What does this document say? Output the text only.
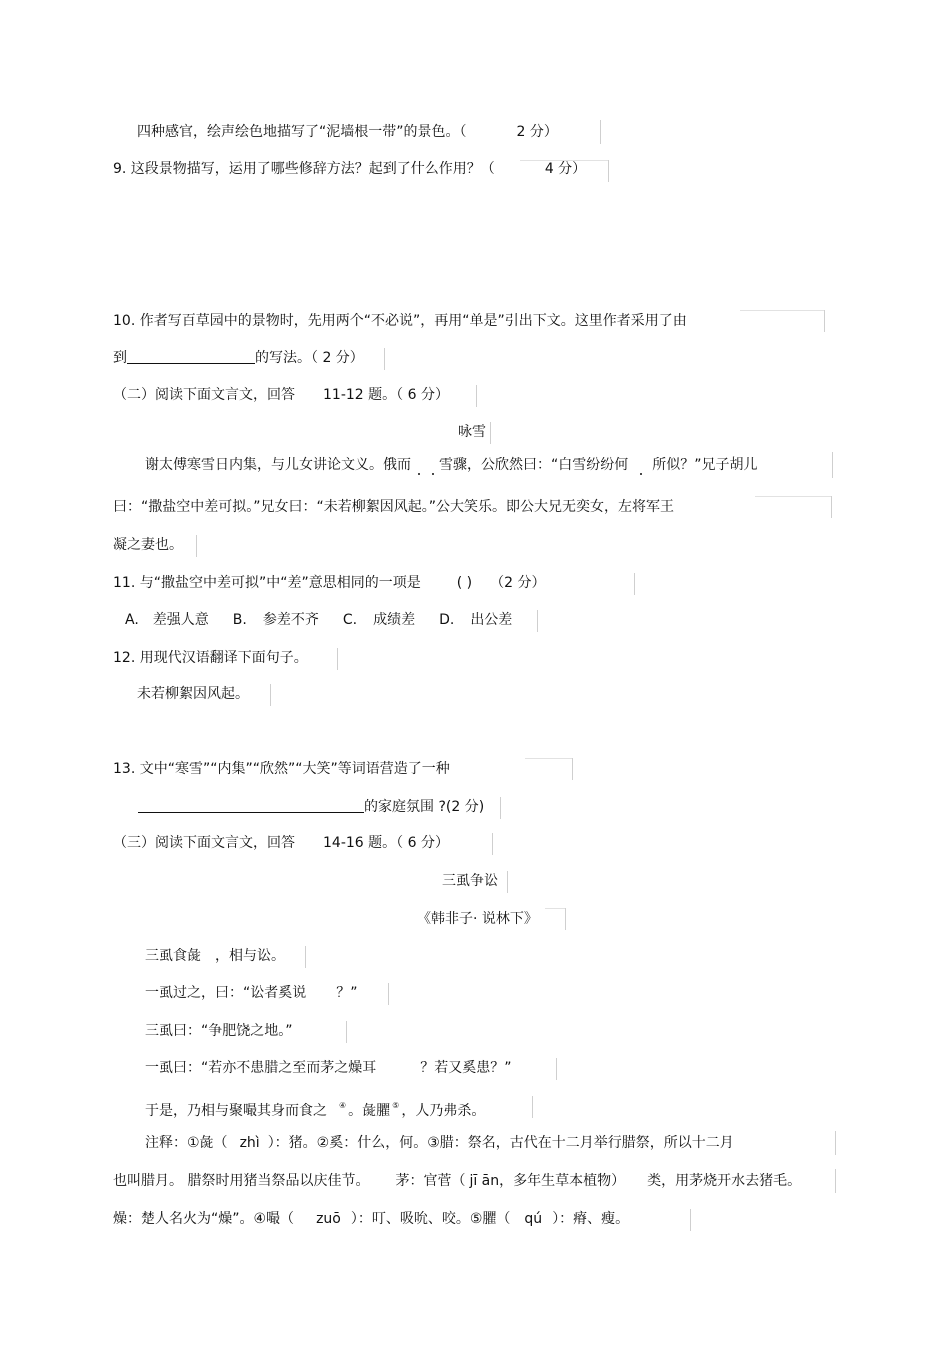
四种感官，绘声绘色地描写了“泥墙根一带”的景色。（	2 分）
9. 这段景物描写，运用了哪些修辞方法？起到了什么作用？（	4 分）
10. 作者写百草园中的景物时，先用两个“不必说”，再用“单是”引出下文。这里作者采用了由
到	的写法。（ 2 分）
（二）阅读下面文言文，回答 11-12 题。（ 6 分）
咏雪
谢太傅寒雪日内集，与儿女讲论文义。俄而 雪骤，公欣然曰：“白雪纷纷何 所似？”兄子胡儿
曰：“撒盐空中差可拟。”兄女曰：“未若柳絮因风起。”公大笑乐。即公大兄无奕女，左将军王
凝之妻也。
11. 与“撒盐空中差可拟”中“差”意思相同的一项是	( ) （2 分）
A. 差强人意 B. 参差不齐 C. 成绩差 D. 出公差
12. 用现代汉语翻译下面句子。
未若柳絮因风起。
13. 文中“寒雪”“内集”“欣然”“大笑”等词语营造了一种
的家庭氛围 ?(2 分)
（三）阅读下面文言文，回答 14-16 题。（ 6 分）
三虱争讼
《韩非子· 说林下》
三虱食彘 ，相与讼。
一虱过之，曰：“讼者奚说 ？”
三虱曰：“争肥饶之地。”
一虱曰：“若亦不患腊之至而茅之燥耳	？若又奚患？”
于是，乃相与聚嘬其身而食之 ④ 。彘臞 ⑤ ，人乃弗杀。
注释：①彘（ zhì ）：猪。②奚：什么，何。③腊：祭名，古代在十二月举行腊祭，所以十二月
也叫腊月。 腊祭时用猪当祭品以庆佳节。 茅：官菅（ jī ān，多年生草本植物） 类，用茅烧开水去猪毛。
燥：楚人名火为“燥”。④嘬（ zuō ）：叮、吸吮、咬。⑤臞（ qú ）：瘠、瘦。
